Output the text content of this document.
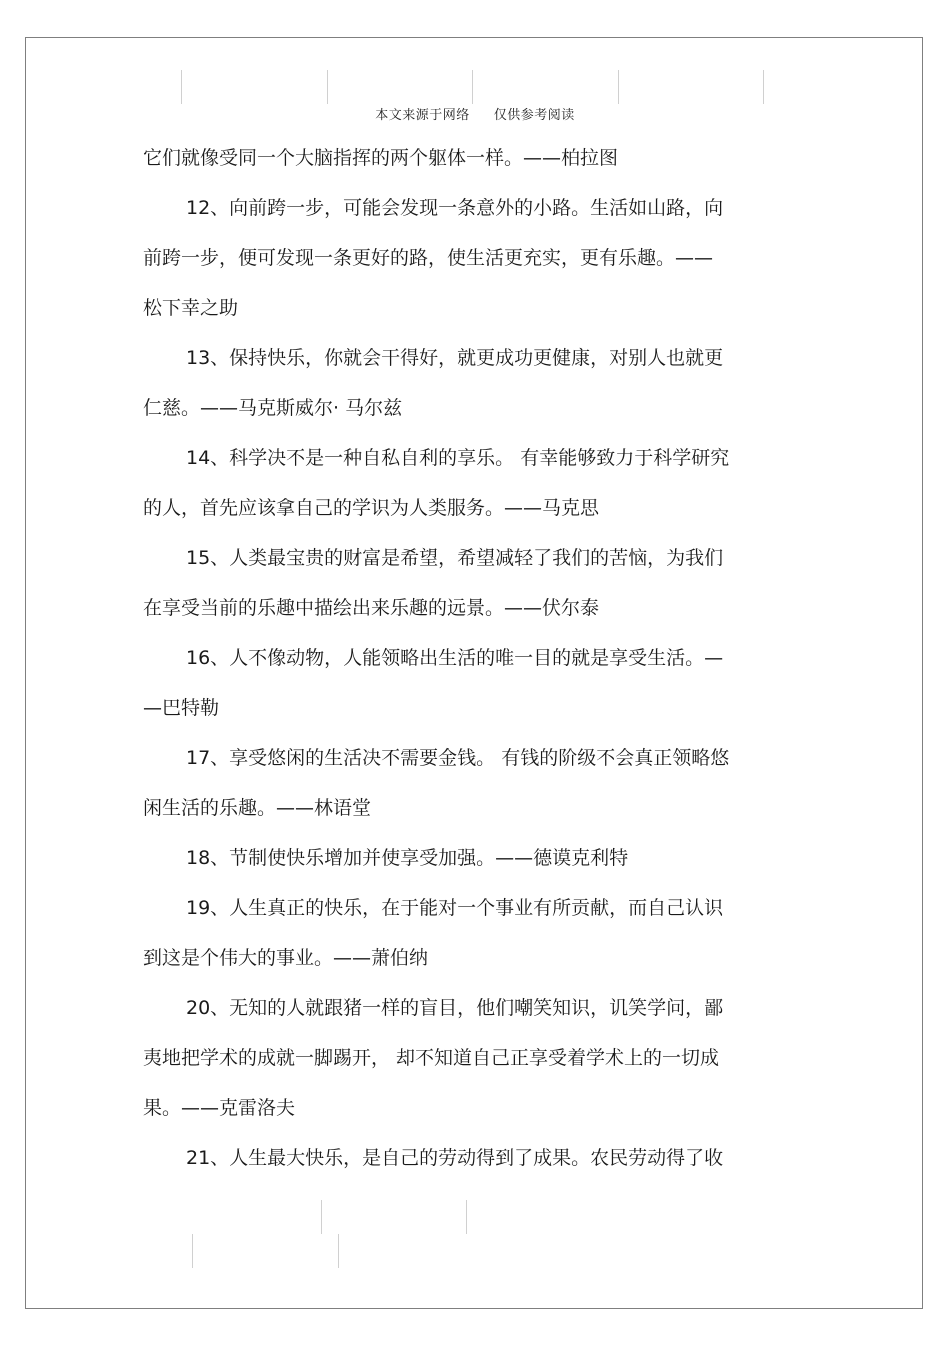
本文来源于网络 仅供参考阅读
它们就像受同一个大脑指挥的两个躯体一样。——柏拉图
12、向前跨一步，可能会发现一条意外的小路。生活如山路，向
前跨一步，便可发现一条更好的路，使生活更充实，更有乐趣。——
松下幸之助
13、保持快乐，你就会干得好，就更成功更健康，对别人也就更
仁慈。——马克斯威尔· 马尔兹
14、科学决不是一种自私自利的享乐。 有幸能够致力于科学研究
的人，首先应该拿自己的学识为人类服务。——马克思
15、人类最宝贵的财富是希望，希望减轻了我们的苦恼，为我们
在享受当前的乐趣中描绘出来乐趣的远景。——伏尔泰
16、人不像动物，人能领略出生活的唯一目的就是享受生活。—
—巴特勒
17、享受悠闲的生活决不需要金钱。 有钱的阶级不会真正领略悠
闲生活的乐趣。——林语堂
18、节制使快乐增加并使享受加强。——德谟克利特
19、人生真正的快乐，在于能对一个事业有所贡献，而自己认识
到这是个伟大的事业。——萧伯纳
20、无知的人就跟猪一样的盲目，他们嘲笑知识，讥笑学问，鄙
夷地把学术的成就一脚踢开， 却不知道自己正享受着学术上的一切成
果。——克雷洛夫
21、人生最大快乐，是自己的劳动得到了成果。农民劳动得了收
